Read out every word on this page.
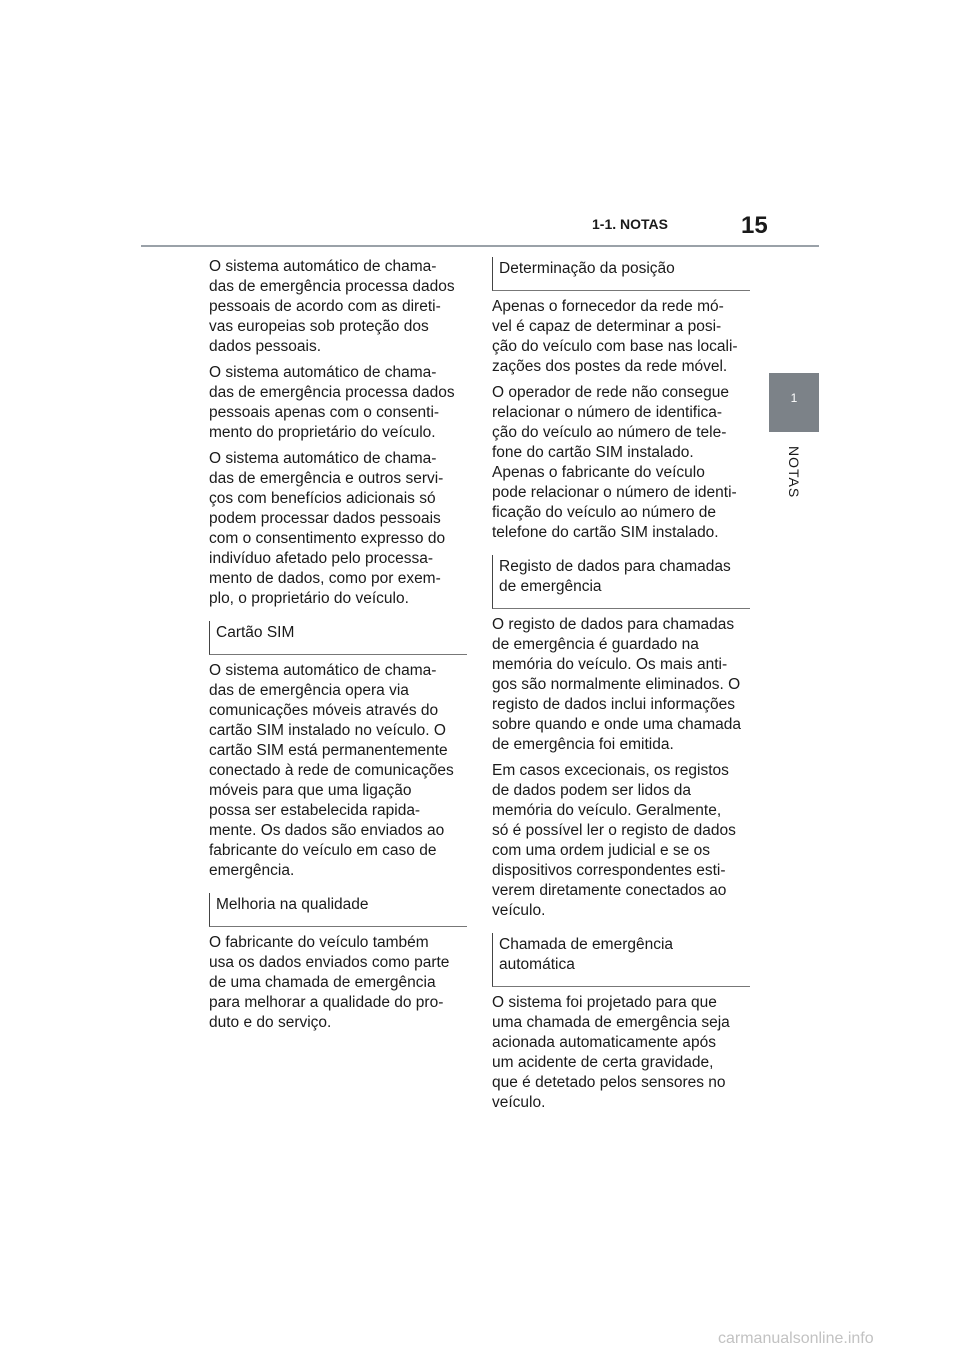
1-1. NOTAS	15
1
NOTAS

O sistema automático de chama-
das de emergência processa dados
pessoais de acordo com as direti-
vas europeias sob proteção dos
dados pessoais.

O sistema automático de chama-
das de emergência processa dados
pessoais apenas com o consenti-
mento do proprietário do veículo.

O sistema automático de chama-
das de emergência e outros servi-
ços com benefícios adicionais só
podem processar dados pessoais
com o consentimento expresso do
indivíduo afetado pelo processa-
mento de dados, como por exem-
plo, o proprietário do veículo.

Cartão SIM

O sistema automático de chama-
das de emergência opera via
comunicações móveis através do
cartão SIM instalado no veículo. O
cartão SIM está permanentemente
conectado à rede de comunicações
móveis para que uma ligação
possa ser estabelecida rapida-
mente. Os dados são enviados ao
fabricante do veículo em caso de
emergência.

Melhoria na qualidade

O fabricante do veículo também
usa os dados enviados como parte
de uma chamada de emergência
para melhorar a qualidade do pro-
duto e do serviço.

Determinação da posição

Apenas o fornecedor da rede mó-
vel é capaz de determinar a posi-
ção do veículo com base nas locali-
zações dos postes da rede móvel.

O operador de rede não consegue
relacionar o número de identifica-
ção do veículo ao número de tele-
fone do cartão SIM instalado.
Apenas o fabricante do veículo
pode relacionar o número de identi-
ficação do veículo ao número de
telefone do cartão SIM instalado.

Registo de dados para chamadas
de emergência

O registo de dados para chamadas
de emergência é guardado na
memória do veículo. Os mais anti-
gos são normalmente eliminados. O
registo de dados inclui informações
sobre quando e onde uma chamada
de emergência foi emitida.

Em casos excecionais, os registos
de dados podem ser lidos da
memória do veículo. Geralmente,
só é possível ler o registo de dados
com uma ordem judicial e se os
dispositivos correspondentes esti-
verem diretamente conectados ao
veículo.

Chamada de emergência
automática

O sistema foi projetado para que
uma chamada de emergência seja
acionada automaticamente após
um acidente de certa gravidade,
que é detetado pelos sensores no
veículo.

carmanualsonline.info
